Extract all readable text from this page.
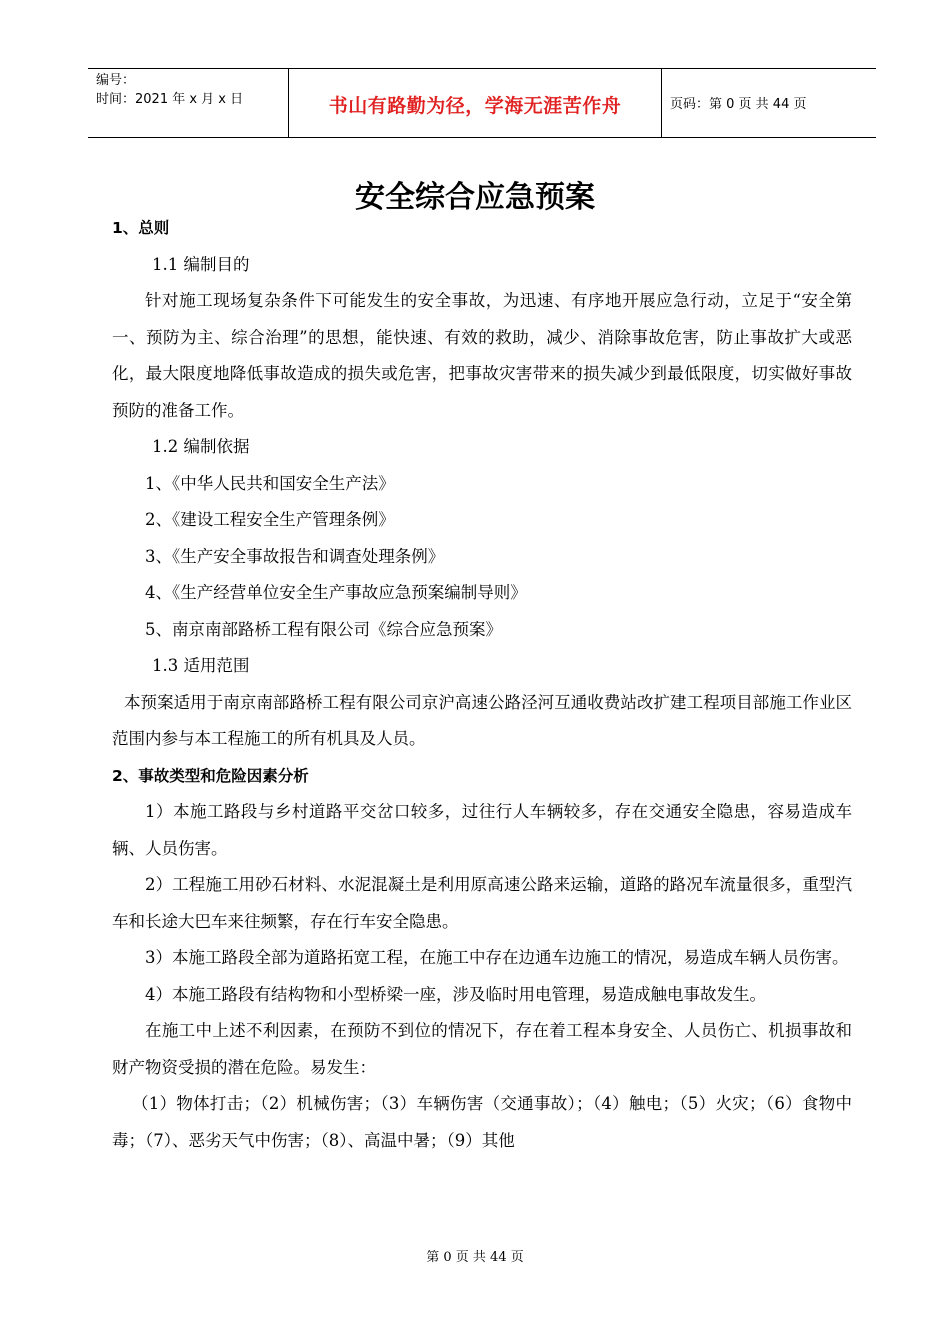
编号：
时间：2021 年 x 月 x 日	书山有路勤为径，学海无涯苦作舟	页码：第 0 页 共 44 页
安全综合应急预案

1、总则

1.1 编制目的

针对施工现场复杂条件下可能发生的安全事故，为迅速、有序地开展应急行动，立足于“安全第一、预防为主、综合治理”的思想，能快速、有效的救助，减少、消除事故危害，防止事故扩大或恶化，最大限度地降低事故造成的损失或危害，把事故灾害带来的损失减少到最低限度，切实做好事故预防的准备工作。

1.2 编制依据

1、《中华人民共和国安全生产法》

2、《建设工程安全生产管理条例》

3、《生产安全事故报告和调查处理条例》

4、《生产经营单位安全生产事故应急预案编制导则》

5、南京南部路桥工程有限公司《综合应急预案》

1.3 适用范围

本预案适用于南京南部路桥工程有限公司京沪高速公路泾河互通收费站改扩建工程项目部施工作业区范围内参与本工程施工的所有机具及人员。

2、事故类型和危险因素分析

1）本施工路段与乡村道路平交岔口较多，过往行人车辆较多，存在交通安全隐患，容易造成车辆、人员伤害。

2）工程施工用砂石材料、水泥混凝土是利用原高速公路来运输，道路的路况车流量很多，重型汽车和长途大巴车来往频繁，存在行车安全隐患。

3）本施工路段全部为道路拓宽工程，在施工中存在边通车边施工的情况，易造成车辆人员伤害。

4）本施工路段有结构物和小型桥梁一座，涉及临时用电管理，易造成触电事故发生。

在施工中上述不利因素，在预防不到位的情况下，存在着工程本身安全、人员伤亡、机损事故和财产物资受损的潜在危险。易发生：

（1）物体打击；（2）机械伤害；（3）车辆伤害（交通事故）；（4）触电；（5）火灾；（6）食物中毒；（7）、恶劣天气中伤害；（8）、高温中暑；（9）其他

第 0 页 共 44 页
